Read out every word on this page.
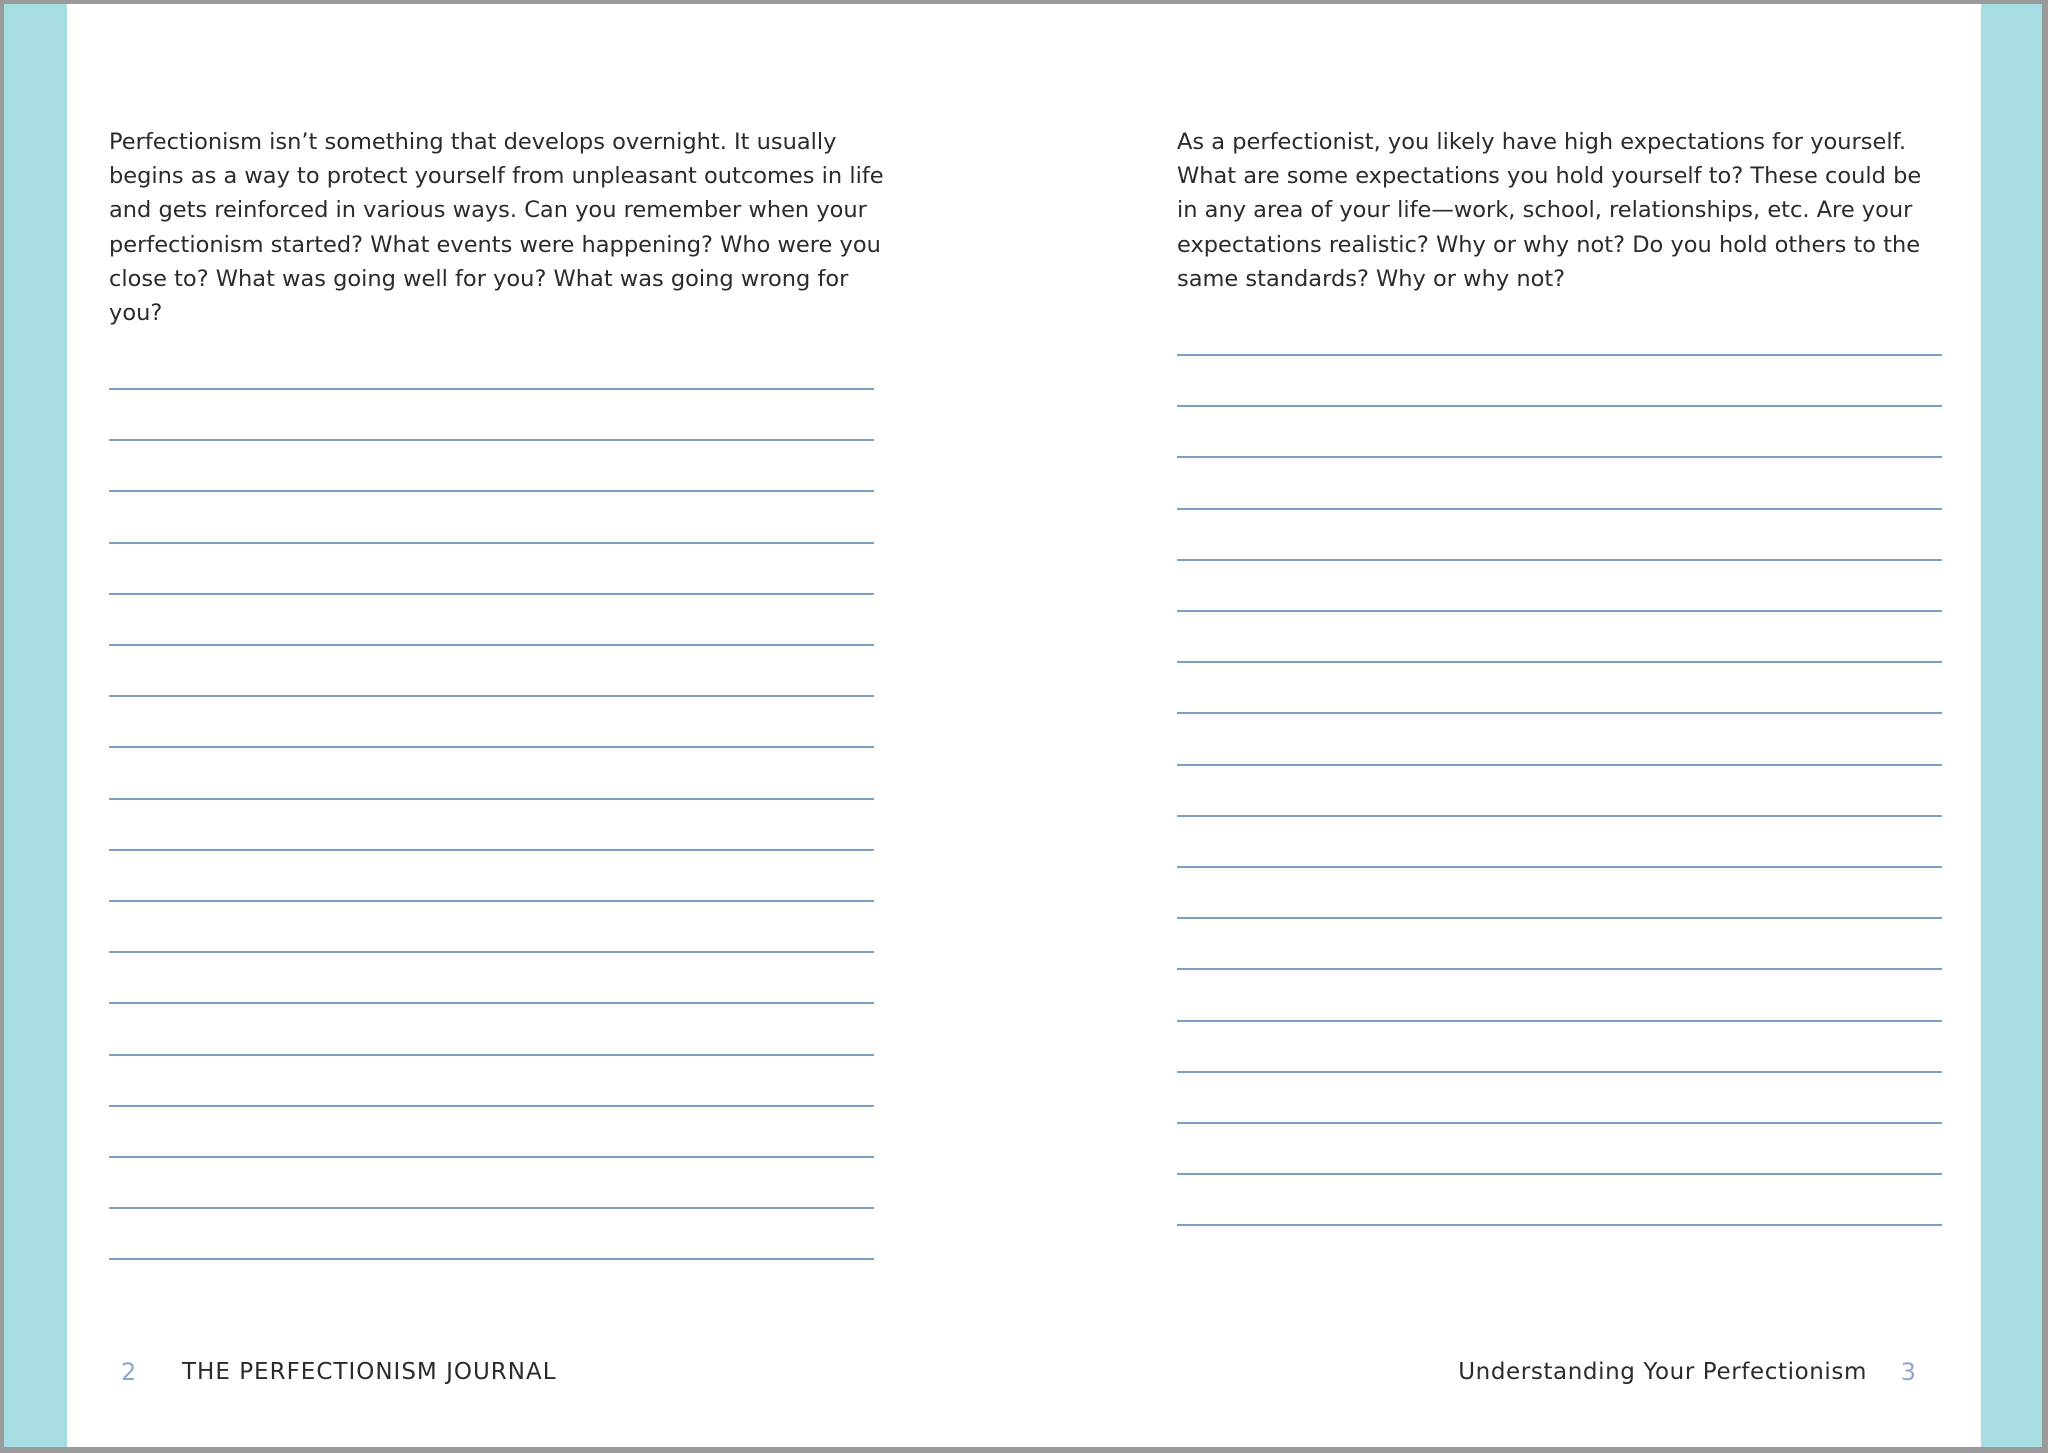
Perfectionism isn’t something that develops overnight. It usually begins as a way to protect yourself from unpleasant outcomes in life and gets reinforced in various ways. Can you remember when your perfectionism started? What events were happening? Who were you close to? What was going well for you? What was going wrong for you?

2 THE PERFECTIONISM JOURNAL

As a perfectionist, you likely have high expectations for yourself. What are some expectations you hold yourself to? These could be in any area of your life—work, school, relationships, etc. Are your expectations realistic? Why or why not? Do you hold others to the same standards? Why or why not?

Understanding Your Perfectionism 3
